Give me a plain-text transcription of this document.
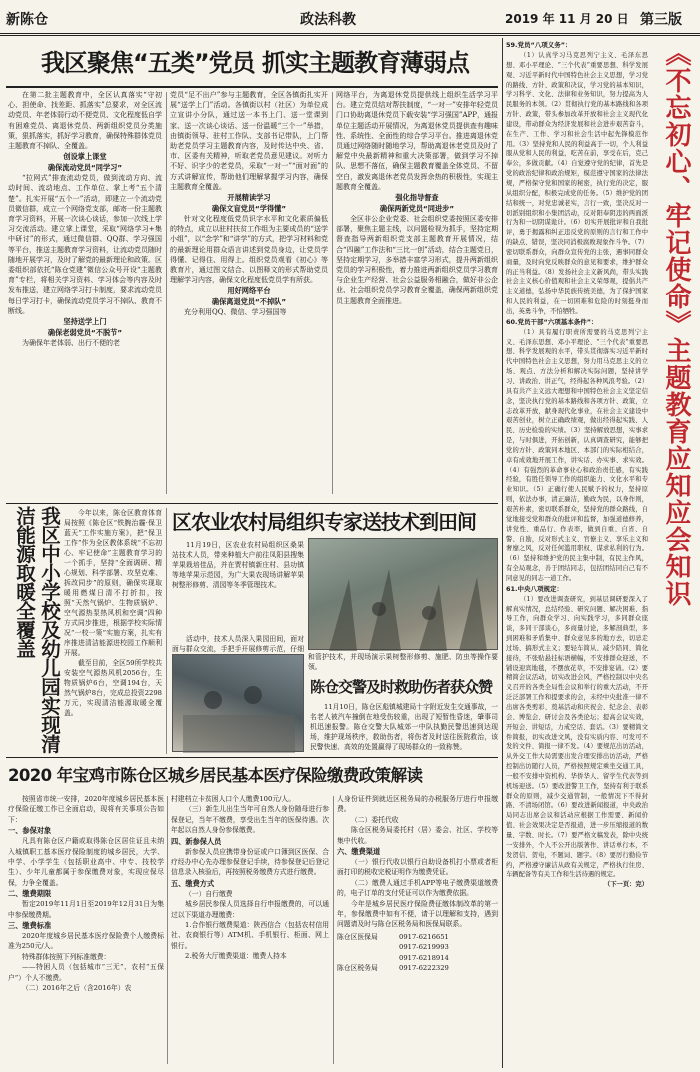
新陈仓	政法科教	2019 年 11 月 20 日 第三版
我区聚焦“五类”党员 抓实主题教育薄弱点

在第二批主题教育中，全区认真落实“守初心、担使命、找差距、抓落实”总要求，对全区流动党员、年老体弱行动不便党员、文化程度低自学有困难党员、离退休党员、两新组织党员分类施策，狠抓落实，抓好学习教育，确保特殊群体党员主题教育不掉队、全覆盖。

创设掌上课堂

确保流动党员“同学习”

“拉网式”排查流动党员，做到流动方向、流动时间、流动地点、工作单位、掌上考“五个清楚”。扎实开展“五个一”活动，即建立一个流动党员微信群，成立一个网络党支部，邮寄一份主题教育学习资料，开展一次谈心谈话，参加一次线上学习交流活动。建立掌上课堂，采取“网络学习+集中研讨”的形式，通过微信群、QQ群、学习强国等平台，推送主题教育学习资料，让流动党员随时随地开展学习，及时了解党的最新理论和政策。区委组织部依托“陈仓党建”微信公众号开设“主题教育”专栏，将相关学习资料、学习体会等内容及时发布推送，建立网络学习打卡制度，要求流动党员每日学习打卡，确保流动党员学习不掉队、教育不断线。

坚持送学上门

确保老弱党员“不脱节”

为确保年老体弱、出行不便的老

党员“足不出户”参与主题教育，全区各镇街扎实开展“送学上门”活动。各镇街以村（社区）为单位成立宣讲小分队，通过送一本书上门、送一堂课到家、送一次谈心谈话、送一份温暖“三个一”举措，由镇街领导、驻村工作队、支部书记带队，上门帮助老党员学习主题教育内容，及时传达中央、省、市、区委有关精神，听取老党员意见建议。对听力不好、识字少的老党员，采取“一对一”“面对面”的方式讲解宣传，帮助他们理解掌握学习内容，确保主题教育全覆盖。

开展精读学习

确保文盲党员“学得懂”

针对文化程度低党员识字水平和文化素质偏低的特点，成立以驻村扶贫工作组为主要成员的“送学小组”，以“念学”和“讲学”的方式，把学习材料和党的最新理论用群众语言讲述到党员身边，让党员学得懂、记得住、用得上。组织党员观看《初心》等教育片，通过图文结合、以图释文的形式帮助党员理解学习内容，确保文化程度低党员学有所获。

用好网络平台

确保离退党员“不掉队”

充分利用QQ、微信、学习强国等

网络平台，为离退休党员提供线上组织生活学习平台。建立党员结对帮扶制度，“一对一”安排年轻党员门口协助离退休党员下载安装“学习强国”APP，通报单位主题活动开展情况，为离退休党员提供查有趣味性、系统性、全面性的综合学习平台。推进离退休党员通过网络随时随地学习，帮助离退休老党员及时了解党中央最新精神和重大决策部署，做到学习不掉队、思想不落伍，确保主题教育覆盖全体党员、不留空白，激发离退休老党员发挥余热的积极性，实现主题教育全覆盖。

强化指导督查

确保两新党员“同进步”

全区非公企业党委、社会组织党委按照区委安排部署，聚焦主题主线，以问题检视为抓手，坚持定期督查指导两新组织党支部主题教育开展情况，结合“四融”工作法和“三比一创”活动，结合主题党日，坚持定期学习，多举措丰富学习形式，提升两新组织党员的学习积极性，着力推进两新组织党员学习教育与企业生产经营、社会公益服务相融合，做好非公企业、社会组织党员学习教育全覆盖，确保两新组织党员主题教育全面推进。

59.党员“八项义务”：

（1）认真学习马克思列宁主义、毛泽东思想、邓小平理论、“三个代表”重要思想、科学发展观、习近平新时代中国特色社会主义思想，学习党的路线、方针、政策和决议，学习党的基本知识，学习科学、文化、法律和业务知识，努力提高为人民服务的本领。（2）贯彻执行党的基本路线和各项方针、政策，带头参加改革开放和社会主义现代化建设，带动群众为经济发展和社会进步艰苦奋斗，在生产、工作、学习和社会生活中起先锋模范作用。（3）坚持党和人民的利益高于一切，个人利益服从党和人民的利益，吃苦在前，享受在后，克己奉公，多做贡献。（4）自觉遵守党的纪律，首先是党的政治纪律和政治规矩，模范遵守国家的法律法规，严格保守党和国家的秘密，执行党的决定，服从组织分配，积极完成党的任务。（5）维护党的团结和统一，对党忠诚老实，言行一致，坚决反对一切派别组织和小集团活动，反对阳奉阴违的两面派行为和一切阴谋诡计。（6）切实开展批评和自我批评，勇于揭露和纠正违反党的原则的言行和工作中的缺点、错误，坚决同消极腐败现象作斗争。（7）密切联系群众，向群众宣传党的主张，遇事同群众商量，及时向党反映群众的意见和要求，维护群众的正当利益。（8）发扬社会主义新风尚，带头实践社会主义核心价值观和社会主义荣辱观，提倡共产主义道德，弘扬中华民族传统美德，为了保护国家和人民的利益，在一切困难和危险的时刻挺身而出，英勇斗争，不怕牺牲。

60.党员干部“六项基本条件”：

（1）具有履行职责所需要的马克思列宁主义、毛泽东思想、邓小平理论、“三个代表”重要思想、科学发展观的水平，带头贯彻落实习近平新时代中国特色社会主义思想，努力用马克思主义的立场、观点、方法分析和解决实际问题，坚持讲学习、讲政治、讲正气，经得起各种风浪考验。（2）具有共产主义远大理想和中国特色社会主义坚定信念，坚决执行党的基本路线和各项方针、政策，立志改革开放，献身现代化事业，在社会主义建设中艰苦创业，树立正确政绩观，做出经得起实践、人民、历史检验的实绩。（3）坚持解放思想，实事求是，与时俱进，开拓创新，认真调查研究，能够把党的方针、政策同本地区、本部门的实际相结合，卓有成效地开展工作，讲实话、办实事、求实效。（4）有强烈的革命事业心和政治责任感，有实践经验，有胜任领导工作的组织能力、文化水平和专业知识。（5）正确行使人民赋予的权力，坚持原则，依法办事，清正廉洁，勤政为民，以身作则，艰苦朴素，密切联系群众，坚持党的群众路线，自觉地接受党和群众的批评和监督，加强道德修养，讲党性、重品行、作表率，做到自重、自省、自警、自励，反对形式主义、官僚主义、享乐主义和奢靡之风，反对任何滥用职权、谋求私利的行为。（6）坚持和维护党的民主集中制，有民主作风，有全局观念，善于团结同志，包括团结同自己有不同意见的同志一道工作。

61.中央八项规定：

（1）要改进调查研究，到基层调研要深入了解真实情况，总结经验、研究问题、解决困难、指导工作，向群众学习、向实践学习，多同群众座谈，多同干部谈心，多商量讨论，多解剖典型，多到困难和矛盾集中、群众意见多的地方去，切忌走过场、搞形式主义；要轻车简从、减少陪同、简化接待，不张贴悬挂标语横幅，不安排群众迎送，不铺设迎宾地毯，不摆放花草，不安排宴请。（2）要精简会议活动，切实改进会风，严格控制以中央名义召开的各类全局性会议和举行的重大活动，不开泛泛部署工作和提要求的会，未经中央批准一律不出席各类剪彩、奠基活动和庆祝会、纪念会、表彰会、博览会、研讨会及各类论坛；提高会议实效，开短会、讲短话，力戒空话、套话。（3）要精简文件简报，切实改进文风，没有实质内容、可发可不发的文件、简报一律不发。（4）要规范出访活动，从外交工作大局需要出发合理安排出访活动，严格控制出访随行人员，严格按照规定乘坐交通工具，一般不安排中资机构、华侨华人、留学生代表等到机场迎送。（5）要改进警卫工作，坚持有利于联系群众的原则，减少交通管制，一般情况下不得封路、不清场闭馆。（6）要改进新闻报道，中央政治局同志出席会议和活动应根据工作需要、新闻价值、社会效果决定是否报道，进一步压缩报道的数量、字数、时长。（7）要严格文稿发表，除中央统一安排外，个人不公开出版著作、讲话单行本，不发贺信、贺电，不题词、题字。（8）要厉行勤俭节约，严格遵守廉洁从政有关规定，严格执行住房、车辆配备等有关工作和生活待遇的规定。

（下一页：完）

《不忘初心、牢记使命》主题教育应知应会知识
我区中小学校及幼儿园实现清洁能源取暖全覆盖	今年以来，陈仓区教育体育局按照《陈仓区“铁腕治霾·保卫蓝天”工作实施方案》，把“保卫工作”作为全区教体系统“不忘初心、牢记使命”主题教育学习的一个抓手，坚持“全面调研、精心规划、科学部署、攻坚克难、拆改同步”的原则，确保实现取暖用燃煤日清不打折扣，按照“天然气锅炉、生物质锅炉、空气源热泵热风机和空调”四种方式同步推进，根据学校实际情况“一校一策”实施方案，扎实有序推进清洁能源进校园工作顺利开展。

截至目前，全区59所学校共安装空气源热风机2056台，生物质锅炉6台，空调194台，天然气锅炉8台，完成总投资2298万元，实现清洁能源取暖全覆盖。

区农业农村局组织专家送技术到田间

11月19日，区农业农村局组织区桑果站技术人员，带来种植大户前往凤阳县搜集苹果栽培佳品，并在贾村镇新庄村、县功镇等地苹果示范园，为广大果农现场讲解苹果树整形修剪、清园等冬季管理技术。

活动中，技术人员深入果园田间，面对面与群众交流，手把手开展修剪示范，仔细

和管护技术，并现场演示果树整形修剪、施肥、防虫等操作要领。

陈仓交警及时救助伤者获众赞

11月10日，陈仓区彪镇城建局十字附近发生交通事故，一名老人被汽车撞倒在地受伤较重，出现了短暂性昏迷，肇事司机迅速报警。陈仓交警大队城郊一中队执勤民警迅速到达现场，维护现场秩序，救助伤者，将伤者及时送往医院救治，该民警快速、高效的处置赢得了现场群众的一致称赞。

2020 年宝鸡市陈仓区城乡居民基本医疗保险缴费政策解读

按照省市统一安排，2020年度城乡居民基本医疗保险征缴工作已全面启动，现将有关事项公告如下：

一、参保对象

凡具有陈仓区户籍或取得陈仓区居住证且未纳入城镇职工基本医疗保险制度的城乡居民，大学、中学、小学学生（包括职业高中、中专、技校学生）、少年儿童都属于参保缴费对象，实现应保尽保，力争全覆盖。

二、缴费期限

暂定2019年11月1日至2019年12月31日为集中参保缴费期。

三、缴费标准

2020年度城乡居民基本医疗保险费个人缴费标准为250元/人。

特殊群体按照下列标准缴费：

——特困人员（包括城市“三无”、农村“五保户”）个人不缴费。

（二）2016年之后（含2016年）农

村建档立卡贫困人口个人缴费100元/人。

（三）新生儿出生当年可自然人身份随母进行参保登记，当年不缴费，享受出生当年的医保待遇。次年起以自然人身份参保缴费。

四、新参保人员

新参保人员应携带身份证或户口簿到区医保、合疗经办中心先办理参保登记手续，待参保登记后登记信息录入核验后，再按照税务缴费方式进行缴费。

五、缴费方式

（一）自行缴费

城乡居民参保人员选择自行申报缴费的，可以通过以下渠道办理缴费：

1.合作银行缴费渠道：陕西信合（包括农村信用社、农商银行等）ATM机、手机银行、柜面、网上银行。

2.税务大厅缴费渠道：缴费人持本

人身份证件到就近区税务局的办税服务厅进行申报缴费。

（二）委托代收

陈仓区税务局委托村（居）委会、社区、学校等集中代收。

六、缴费渠道

（一）银行代收以银行自助设备机打小票或者柜面打印的税收完税证明作为缴费凭证。

（二）缴费人通过手机APP等电子缴费渠道缴费的，电子订单的支付凭证可以作为缴费依据。

今年是城乡居民医疗保险费征缴体制改革的第一年，参保缴费中如有不便，请于以理解和支持，遇到问题请及时与陈仓区税务局和医保局联系。

陈仓区医保局	0917-6216651
0917-6219993
0917-6218914
陈仓区税务局	0917-6222329
